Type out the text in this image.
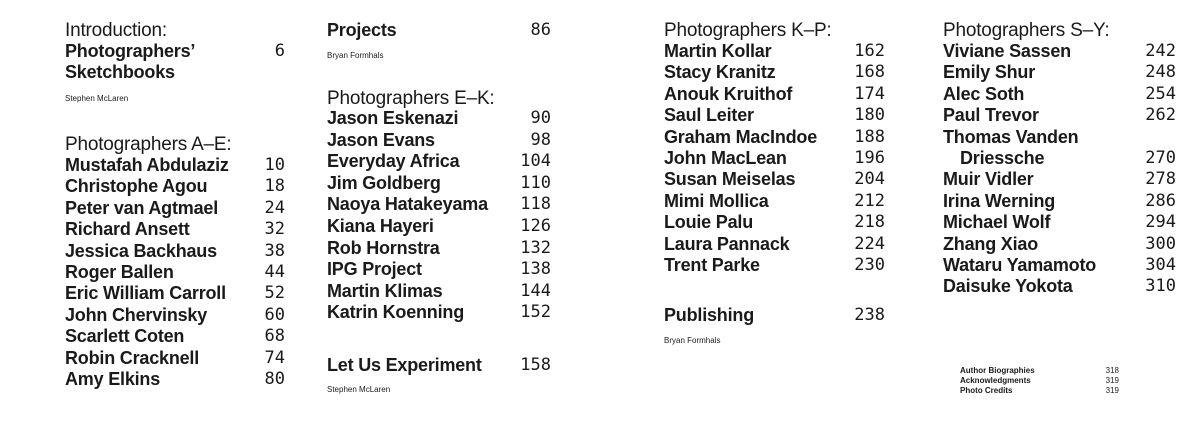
Introduction:
Photographers’	6
Sketchbooks
Stephen McLaren
Photographers A–E:
Mustafah Abdulaziz 10
Christophe Agou	18
Peter van Agtmael	24
Richard Ansett	32
Jessica Backhaus	38
Roger Ballen	44
Eric William Carroll 52
John Chervinsky	60
Scarlett Coten	68
Robin Cracknell	74
Amy Elkins	80
Projects	86
Bryan Formhals
Photographers E–K:
Jason Eskenazi	90
Jason Evans	98
Everyday Africa	104
Jim Goldberg	110
Naoya Hatakeyama 118
Kiana Hayeri	126
Rob Hornstra	132
IPG Project	138
Martin Klimas	144
Katrin Koenning	152
Let Us Experiment 158
Stephen McLaren
Photographers K–P:
Martin Kollar	162
Stacy Kranitz	168
Anouk Kruithof	174
Saul Leiter	180
Graham MacIndoe 188
John MacLean	196
Susan Meiselas	204
Mimi Mollica	212
Louie Palu	218
Laura Pannack	224
Trent Parke	230
Publishing	238
Bryan Formhals
Photographers S–Y:
Viviane Sassen	242
Emily Shur	248
Alec Soth	254
Paul Trevor	262
Thomas Vanden
Driessche	270
Muir Vidler	278
Irina Werning	286
Michael Wolf	294
Zhang Xiao	300
Wataru Yamamoto	304
Daisuke Yokota	310
Author Biographies	318
Acknowledgments	319
Photo Credits	319
